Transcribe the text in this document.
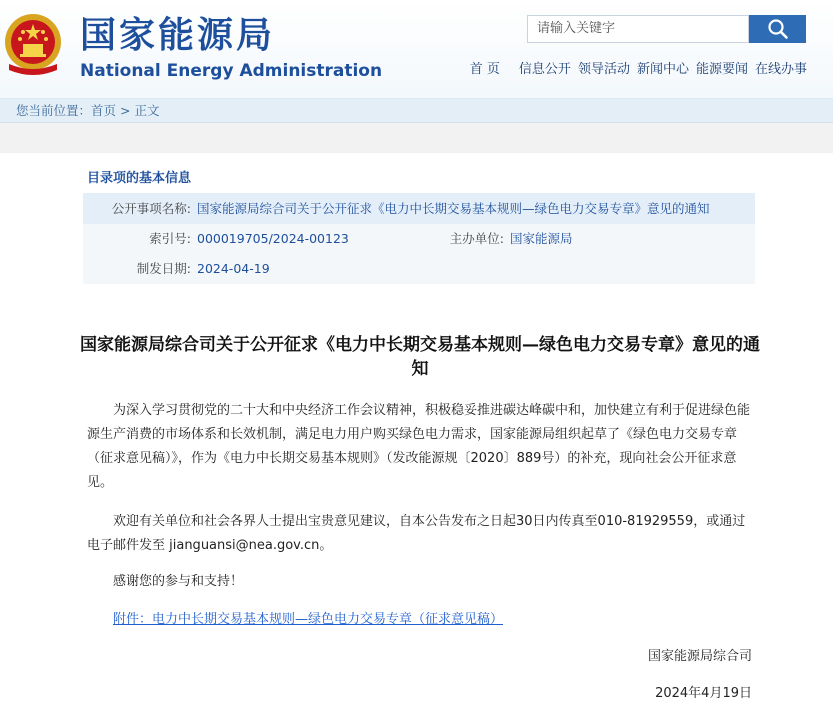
国家能源局
National Energy Administration
请输入关键字
首 页 信息公开 领导活动 新闻中心 能源要闻 在线办事
您当前位置：首页 > 正文
目录项的基本信息
公开事项名称: 国家能源局综合司关于公开征求《电力中长期交易基本规则—绿色电力交易专章》意见的通知
索引号: 000019705/2024-00123	主办单位: 国家能源局
制发日期: 2024-04-19
国家能源局综合司关于公开征求《电力中长期交易基本规则—绿色电力交易专章》意见的通知
为深入学习贯彻党的二十大和中央经济工作会议精神，积极稳妥推进碳达峰碳中和，加快建立有利于促进绿色能源生产消费的市场体系和长效机制，满足电力用户购买绿色电力需求，国家能源局组织起草了《绿色电力交易专章（征求意见稿）》，作为《电力中长期交易基本规则》（发改能源规〔2020〕889号）的补充，现向社会公开征求意见。
欢迎有关单位和社会各界人士提出宝贵意见建议，自本公告发布之日起30日内传真至010-81929559，或通过电子邮件发至 jianguansi@nea.gov.cn。
感谢您的参与和支持！
附件：电力中长期交易基本规则—绿色电力交易专章（征求意见稿）
国家能源局综合司
2024年4月19日
